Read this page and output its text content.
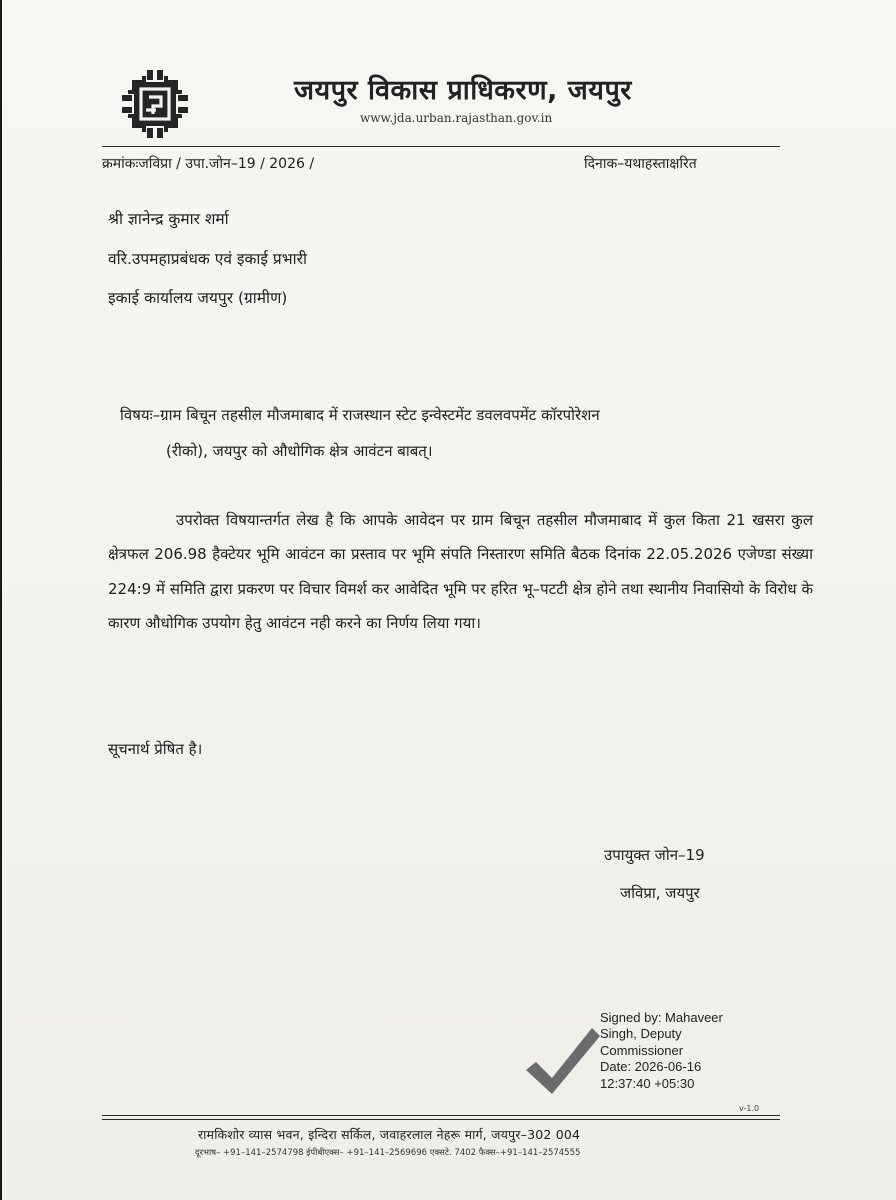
जयपुर विकास प्राधिकरण, जयपुर
www.jda.urban.rajasthan.gov.in
क्रमांकःजविप्रा / उपा.जोन–19 / 2026 /	दिनाक–यथाहस्ताक्षरित
श्री ज्ञानेन्द्र कुमार शर्मा
वरि.उपमहाप्रबंधक एवं इकाई प्रभारी
इकाई कार्यालय जयपुर (ग्रामीण)
विषयः–ग्राम बिचून तहसील मौजमाबाद में राजस्थान स्टेट इन्वेस्टमेंट डवलवपमेंट कॉरपोरेशन
(रीको), जयपुर को औधोगिक क्षेत्र आवंटन बाबत्।
उपरोक्त विषयान्तर्गत लेख है कि आपके आवेदन पर ग्राम बिचून तहसील मौजमाबाद में कुल किता 21 खसरा कुल क्षेत्रफल 206.98 हैक्टेयर भूमि आवंटन का प्रस्ताव पर भूमि संपति निस्तारण समिति बैठक दिनांक 22.05.2026 एजेण्डा संख्या 224:9 में समिति द्वारा प्रकरण पर विचार विमर्श कर आवेदित भूमि पर हरित भू–पटटी क्षेत्र होने तथा स्थानीय निवासियो के विरोध के कारण औधोगिक उपयोग हेतु आवंटन नही करने का निर्णय लिया गया।
सूचनार्थ प्रेषित है।
उपायुक्त जोन–19
जविप्रा, जयपुर
Signed by: Mahaveer
Singh, Deputy
Commissioner
Date: 2026-06-16
12:37:40 +05:30
v-1.0
रामकिशोर व्यास भवन, इन्दिरा सर्किल, जवाहरलाल नेहरू मार्ग, जयपुर–302 004
दूरभाष– +91–141–2574798 ईपीबीएक्स– +91–141–2569696 एक्सटे. 7402 फैक्स–+91–141–2574555
